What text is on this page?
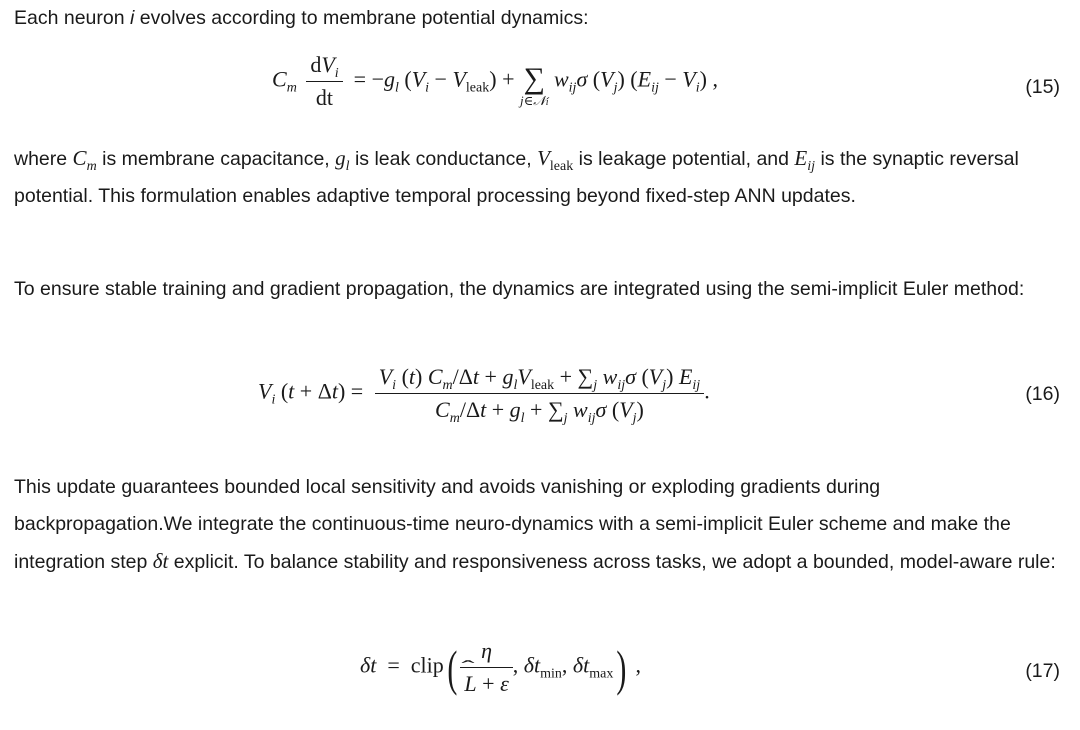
Each neuron i evolves according to membrane potential dynamics:

$C_m \frac{dV_i}{dt} = -g_l$ $(V_i - V_{leak})$ + ∑
j∈𝒩i
$w_{ij}\sigma$ $(V_j) (E_{ij} - V_i)$ ,	(15)

where $C_m$ is membrane capacitance, $g_l$ is leak conductance, $V_{leak}$ is leakage potential, and $E_{ij}$ is the synaptic reversal potential. This formulation enables adaptive temporal processing beyond fixed-step ANN updates.

To ensure stable training and gradient propagation, the dynamics are integrated using the semi-implicit Euler method:

$V_i$ $(t + \Delta t) = \frac{V_i (t) C_m/\Delta t + g_lV_{leak} + \sum_j w_{ij}\sigma (V_j) E_{ij}}{C_m/\Delta t + g_l + \sum_j w_{ij}\sigma (V_j)}$ .	(16)

This update guarantees bounded local sensitivity and avoids vanishing or exploding gradients during backpropagation.We integrate the continuous-time neuro-dynamics with a semi-implicit Euler scheme and make the integration step δt explicit. To balance stability and responsiveness across tasks, we adopt a bounded, model-aware rule:

δt  =  clip( η
ˆ L + ε , $\delta t_{min}$, $\delta t_{max}$) ,	(17)
